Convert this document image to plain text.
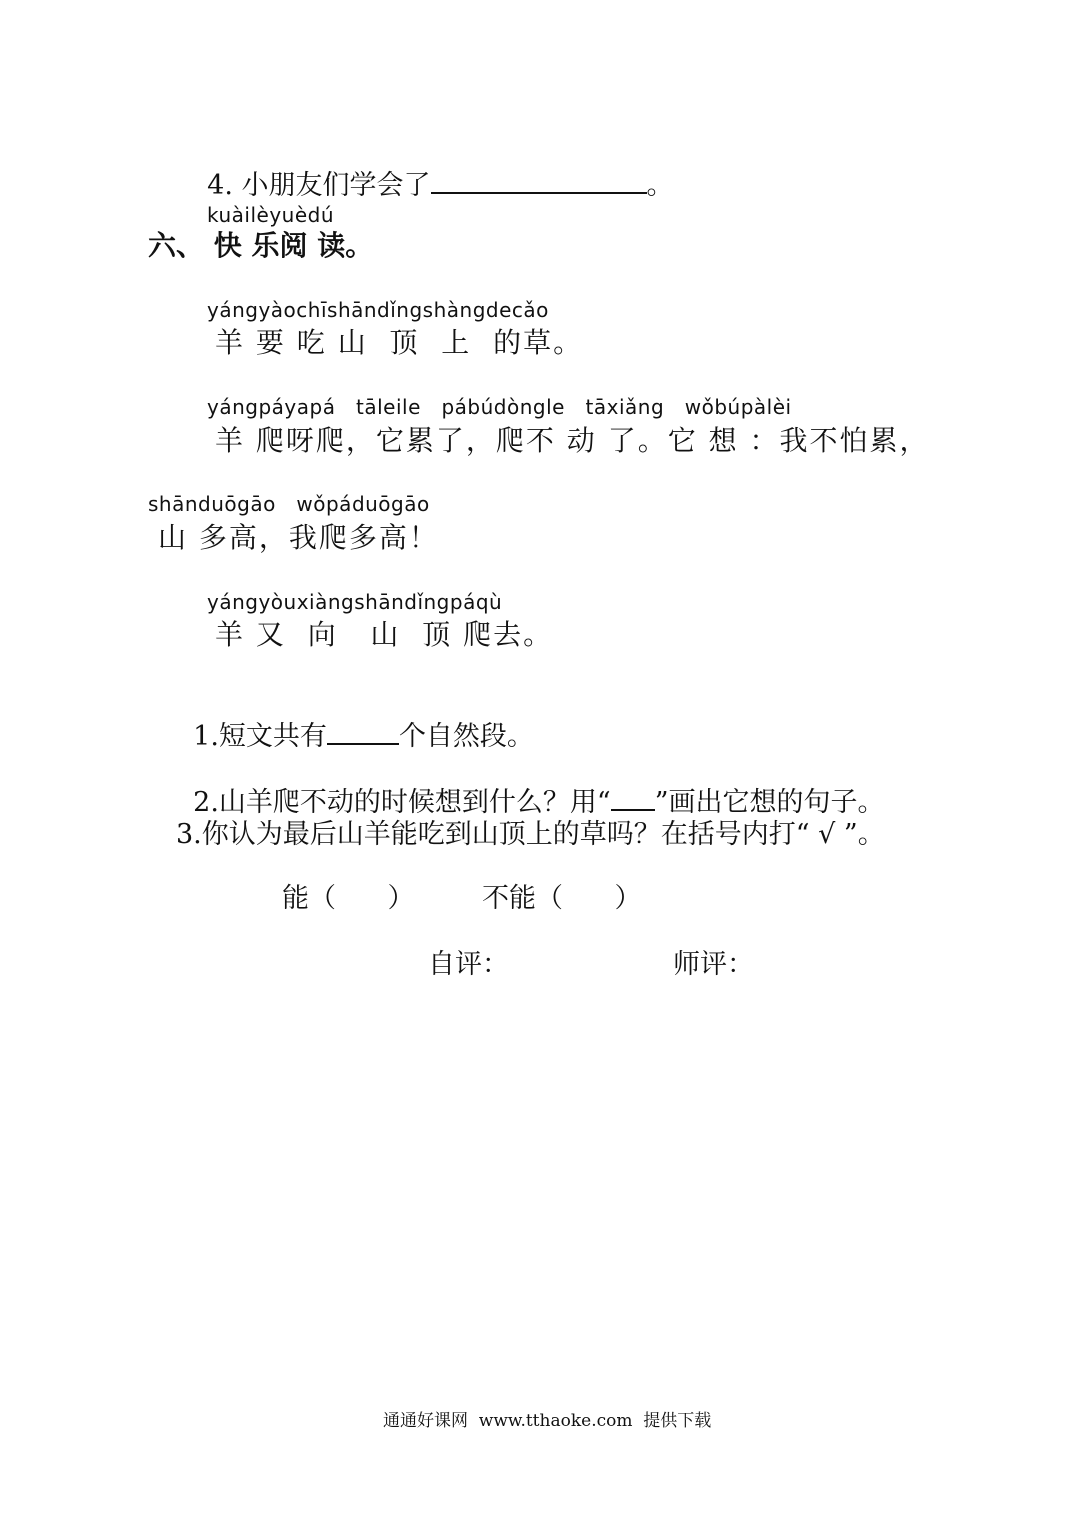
4. 小朋友们学会了	。

kuàilèyuèdú
六、 快 乐阅 读。
yángyàochīshāndǐngshàngdecǎo
羊 要 吃 山  顶  上  的草。
yángpáyapá   tāleile   pábúdòngle   tāxiǎng   wǒbúpàlèi
羊 爬呀爬，它累了，爬不 动 了。它 想 ：我不怕累，
shānduōgāo   wǒpáduōgāo
山 多高，我爬多高！
yángyòuxiàngshāndǐngpáqù
羊 又  向   山  顶 爬去。

1.短文共有	个自然段。

2.山羊爬不动的时候想到什么？用“ ”画出它想的句子。

3.你认为最后山羊能吃到山顶上的草吗？在括号内打“ √ ”。
能（      ）	不能（      ）
自评：	师评：
通通好课网  www.tthaoke.com  提供下载
